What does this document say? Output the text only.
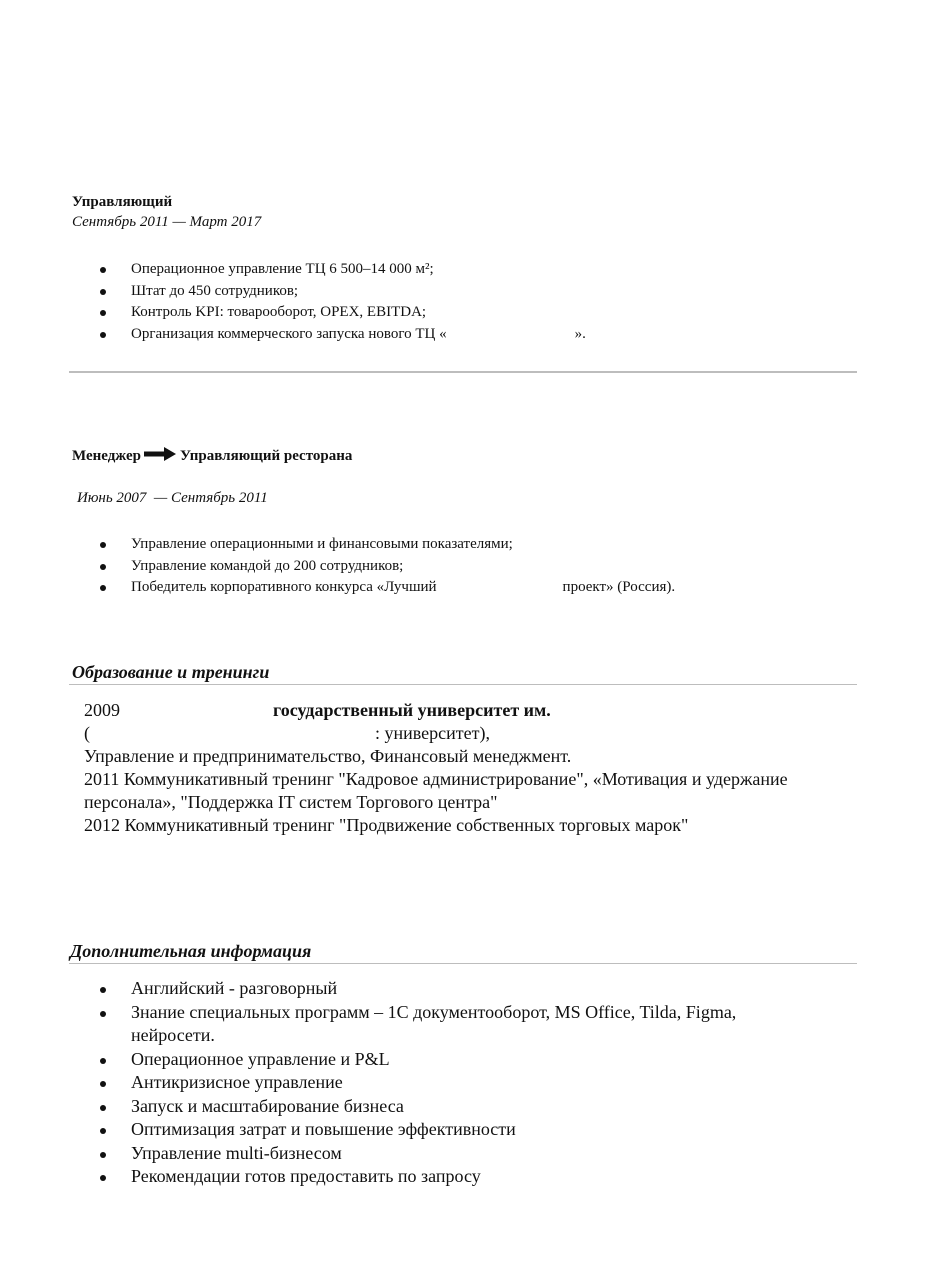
Управляющий
Сентябрь 2011 — Март 2017
Операционное управление ТЦ 6 500–14 000 м²;
Штат до 450 сотрудников;
Контроль KPI: товарооборот, OPEX, EBITDA;
Организация коммерческого запуска нового ТЦ «	».
Менеджер	Управляющий ресторана
Июнь 2007  — Сентябрь 2011
Управление операционными и финансовыми показателями;
Управление командой до 200 сотрудников;
Победитель корпоративного конкурса «Лучший	проект» (Россия).
Образование и тренинги
2009	государственный университет им.
(	: университет),
Управление и предпринимательство, Финансовый менеджмент.
2011 Коммуникативный тренинг "Кадровое администрирование", «Мотивация и удержание
персонала», "Поддержка IT систем Торгового центра"
2012 Коммуникативный тренинг "Продвижение собственных торговых марок"
Дополнительная информация
Английский - разговорный
Знание специальных программ – 1С документооборот, MS Office, Tilda, Figma,
нейросети.
Операционное управление и P&L
Антикризисное управление
Запуск и масштабирование бизнеса
Оптимизация затрат и повышение эффективности
Управление multi-бизнесом
Рекомендации готов предоставить по запросу
